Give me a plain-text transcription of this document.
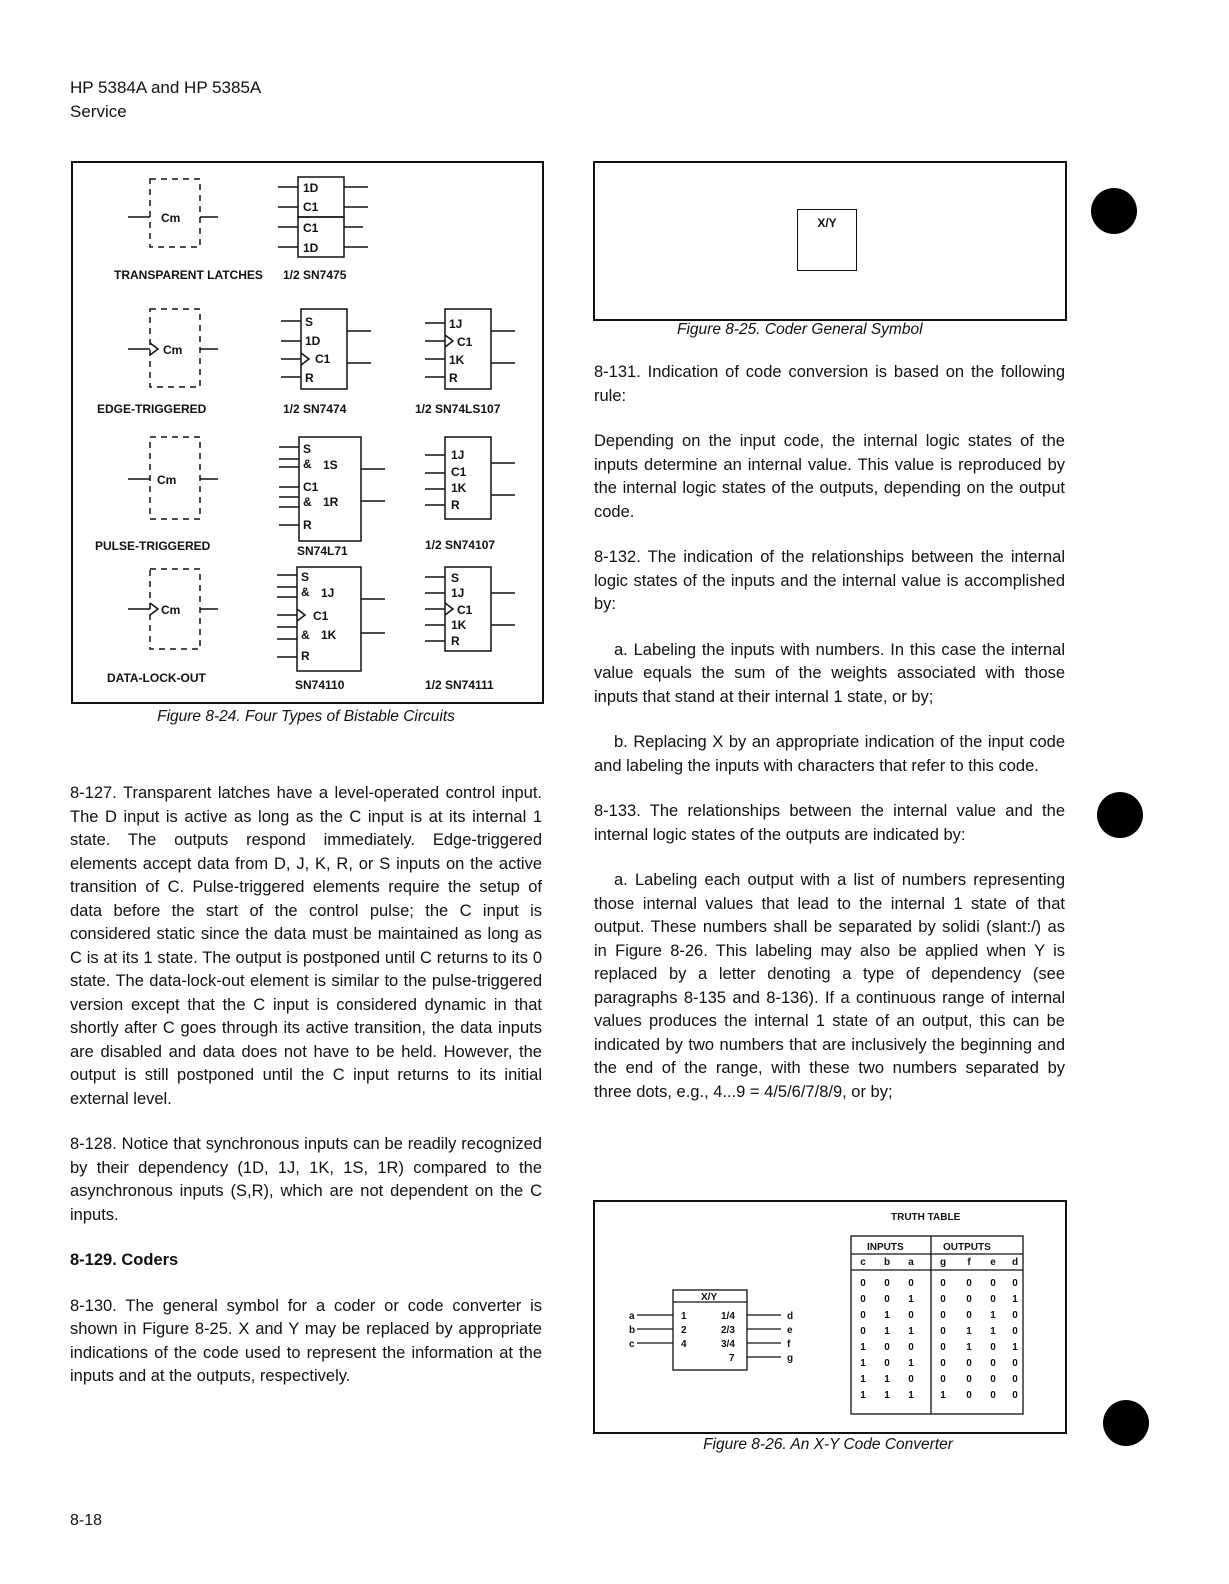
HP 5384A and HP 5385A
Service
Cm
1D
C1
C1
1D
TRANSPARENT LATCHES 1/2 SN7475
Cm
S
1D
C1
R
1J
C1
1K
R
EDGE-TRIGGERED	1/2 SN7474	1/2 SN74LS107
Cm
S
& 1S
C1
& 1R
R
1J
C1
1K
R
PULSE-TRIGGERED	SN74L71	1/2 SN74107
Cm
S
& 1J
C1
& 1K
R
S
1J
C1
1K
R
DATA-LOCK-OUT	SN74110	1/2 SN74111
Figure 8-24. Four Types of Bistable Circuits

8-127. Transparent latches have a level-operated control input. The D input is active as long as the C input is at its internal 1 state. The outputs respond immediately. Edge-triggered elements accept data from D, J, K, R, or S inputs on the active transition of C. Pulse-triggered elements require the setup of data before the start of the control pulse; the C input is considered static since the data must be maintained as long as C is at its 1 state. The output is postponed until C returns to its 0 state. The data-lock-out element is similar to the pulse-triggered version except that the C input is considered dynamic in that shortly after C goes through its active transition, the data inputs are disabled and data does not have to be held. However, the output is still postponed until the C input returns to its initial external level.

8-128. Notice that synchronous inputs can be readily recognized by their dependency (1D, 1J, 1K, 1S, 1R) compared to the asynchronous inputs (S,R), which are not dependent on the C inputs.

8-129. Coders

8-130. The general symbol for a coder or code converter is shown in Figure 8-25. X and Y may be replaced by appropriate indications of the code used to represent the information at the inputs and at the outputs, respectively.

X/Y
Figure 8-25. Coder General Symbol

8-131. Indication of code conversion is based on the following rule:

Depending on the input code, the internal logic states of the inputs determine an internal value. This value is reproduced by the internal logic states of the outputs, depending on the output code.

8-132. The indication of the relationships between the internal logic states of the inputs and the internal value is accomplished by:

a. Labeling the inputs with numbers. In this case the internal value equals the sum of the weights associated with those inputs that stand at their internal 1 state, or by;

b. Replacing X by an appropriate indication of the input code and labeling the inputs with characters that refer to this code.

8-133. The relationships between the internal value and the internal logic states of the outputs are indicated by:

a. Labeling each output with a list of numbers representing those internal values that lead to the internal 1 state of that output. These numbers shall be separated by solidi (slant:/) as in Figure 8-26. This labeling may also be applied when Y is replaced by a letter denoting a type of dependency (see paragraphs 8-135 and 8-136). If a continuous range of internal values produces the internal 1 state of an output, this can be indicated by two numbers that are inclusively the beginning and the end of the range, with these two numbers separated by three dots, e.g., 4...9 = 4/5/6/7/8/9, or by;

X/Y
a
b
c
1
2
4
1/4
2/3
3/4
7
d
e
f
g
TRUTH TABLE
INPUTS	OUTPUTS
c b a	g f e d
0 0 0	0 0 0 0
0 0 1	0 0 0 1
0 1 0	0 0 1 0
0 1 1	0 1 1 0
1 0 0	0 1 0 1
1 0 1	0 0 0 0
1 1 0	0 0 0 0
1 1 1	1 0 0 0
Figure 8-26. An X-Y Code Converter
8-18
